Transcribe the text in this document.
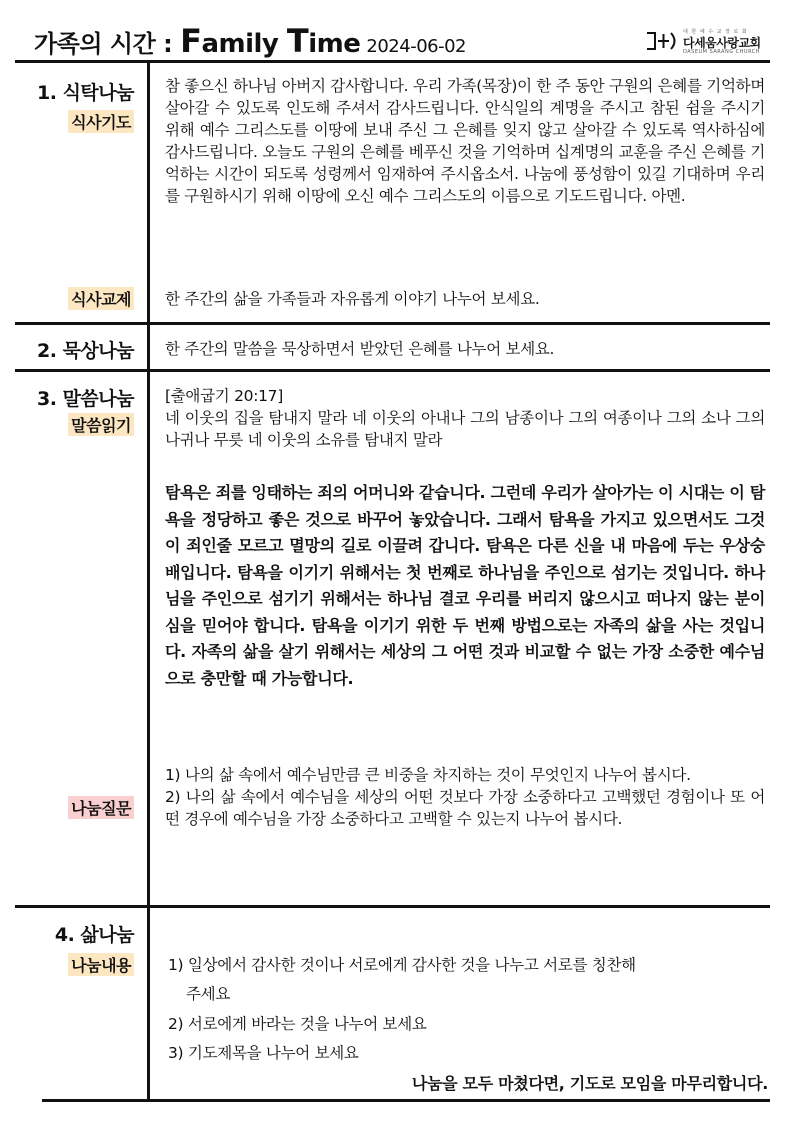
가족의 시간 : Family Time 2024-06-02
대 한 예 수 교 장 로 회
다세움사랑교회
DASEUM SARANG CHURCH
1. 식탁나눔
식사기도
참 좋으신 하나님 아버지 감사합니다. 우리 가족(목장)이 한 주 동안 구원의 은혜를 기억하며 살아갈 수 있도록 인도해 주셔서 감사드립니다. 안식일의 계명을 주시고 참된 쉼을 주시기 위해 예수 그리스도를 이땅에 보내 주신 그 은혜를 잊지 않고 살아갈 수 있도록 역사하심에 감사드립니다. 오늘도 구원의 은혜를 베푸신 것을 기억하며 십계명의 교훈을 주신 은혜를 기억하는 시간이 되도록 성령께서 임재하여 주시옵소서. 나눔에 풍성함이 있길 기대하며 우리를 구원하시기 위해 이땅에 오신 예수 그리스도의 이름으로 기도드립니다. 아멘.
식사교제 한 주간의 삶을 가족들과 자유롭게 이야기 나누어 보세요.
2. 묵상나눔 한 주간의 말씀을 묵상하면서 받았던 은혜를 나누어 보세요.
3. 말씀나눔
말씀읽기
[출애굽기 20:17]
네 이웃의 집을 탐내지 말라 네 이웃의 아내나 그의 남종이나 그의 여종이나 그의 소나 그의 나귀나 무릇 네 이웃의 소유를 탐내지 말라
탐욕은 죄를 잉태하는 죄의 어머니와 같습니다. 그런데 우리가 살아가는 이 시대는 이 탐욕을 정당하고 좋은 것으로 바꾸어 놓았습니다. 그래서 탐욕을 가지고 있으면서도 그것이 죄인줄 모르고 멸망의 길로 이끌려 갑니다. 탐욕은 다른 신을 내 마음에 두는 우상숭배입니다. 탐욕을 이기기 위해서는 첫 번째로 하나님을 주인으로 섬기는 것입니다. 하나님을 주인으로 섬기기 위해서는 하나님 결코 우리를 버리지 않으시고 떠나지 않는 분이심을 믿어야 합니다. 탐욕을 이기기 위한 두 번째 방법으로는 자족의 삶을 사는 것입니다. 자족의 삶을 살기 위해서는 세상의 그 어떤 것과 비교할 수 없는 가장 소중한 예수님으로 충만할 때 가능합니다.
나눔질문
1) 나의 삶 속에서 예수님만큼 큰 비중을 차지하는 것이 무엇인지 나누어 봅시다.
2) 나의 삶 속에서 예수님을 세상의 어떤 것보다 가장 소중하다고 고백했던 경험이나 또 어떤 경우에 예수님을 가장 소중하다고 고백할 수 있는지 나누어 봅시다.
4. 삶나눔
나눔내용 1) 일상에서 감사한 것이나 서로에게 감사한 것을 나누고 서로를 칭찬해
주세요
2) 서로에게 바라는 것을 나누어 보세요
3) 기도제목을 나누어 보세요
나눔을 모두 마쳤다면, 기도로 모임을 마무리합니다.
